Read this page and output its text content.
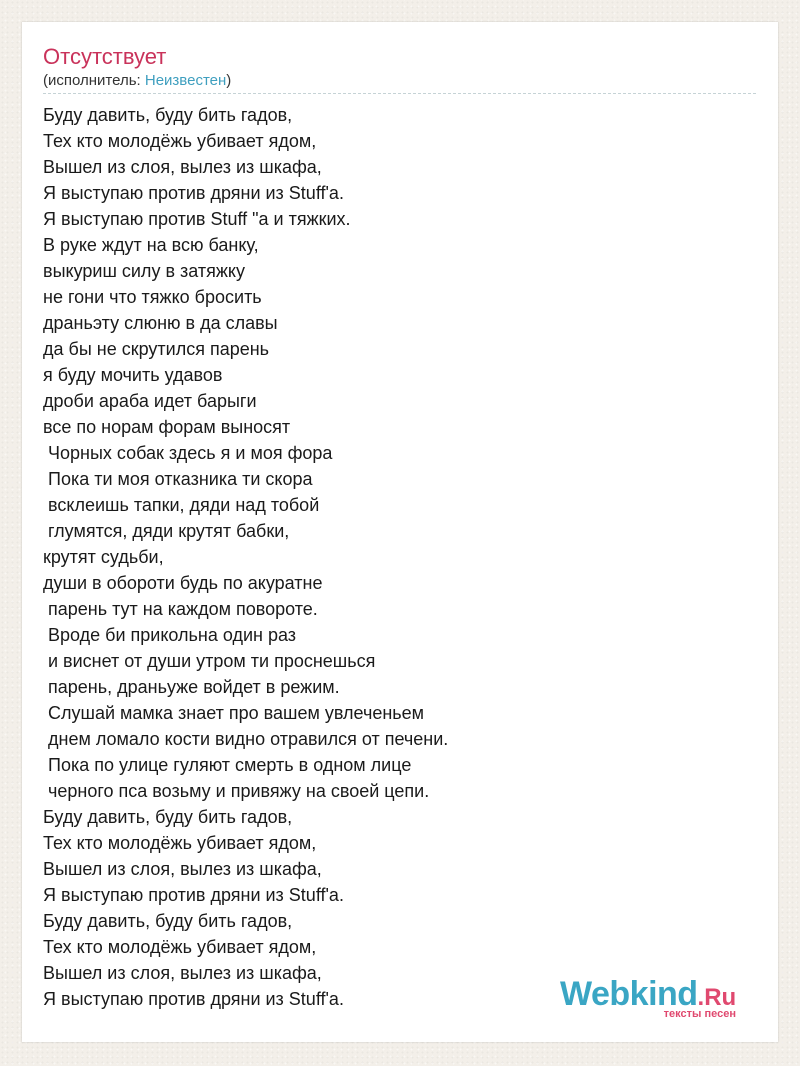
Отсутствует
(исполнитель: Неизвестен)
Буду давить, буду бить гадов,
Тех кто молодёжь убивает ядом,
Вышел из слоя, вылез из шкафа,
Я выступаю против дряни из Stuff'a.
Я выступаю против Stuff "а и тяжких.
В руке ждут на всю банку,
выкуриш силу в затяжку
не гони что тяжко бросить
драньэту слюню в да славы
да бы не скрутился парень
я буду мочить удавов
дроби араба идет барыги
все по норам форам выносят
Чорных собак здесь я и моя фора
Пока ти моя отказника ти скора
всклеишь тапки, дяди над тобой
глумятся, дяди крутят бабки,
крутят судьби,
души в обороти будь по акуратне
парень тут на каждом повороте.
Вроде би прикольна один раз
и виснет от души утром ти проснешься
парень, драньуже войдет в режим.
Слушай мамка знает про вашем увлеченьем
днем ломало кости видно отравился от печени.
Пока по улице гуляют смерть в одном лице
черного пса возьму и привяжу на своей цепи.
Буду давить, буду бить гадов,
Тех кто молодёжь убивает ядом,
Вышел из слоя, вылез из шкафа,
Я выступаю против дряни из Stuff'a.
Буду давить, буду бить гадов,
Тех кто молодёжь убивает ядом,
Вышел из слоя, вылез из шкафа,
Я выступаю против дряни из Stuff'a.	Webkind.Ru
тексты песен
